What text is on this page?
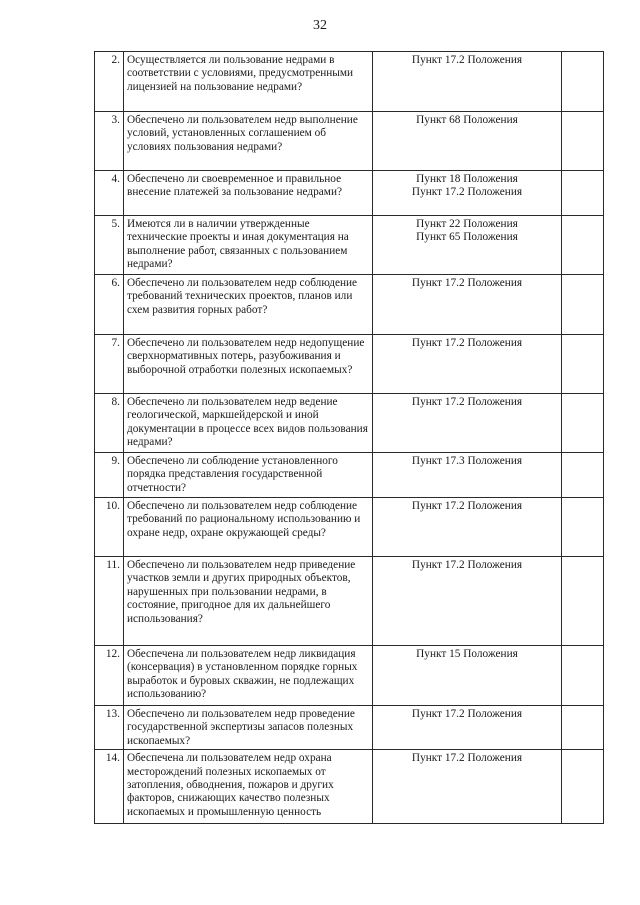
32
2.	Осуществляется ли пользование недрами в соответствии с условиями, предусмотренными лицензией на пользование недрами?	Пункт 17.2 Положения	

3.	Обеспечено ли пользователем недр выполнение условий, установленных соглашением об условиях пользования недрами?	Пункт 68 Положения	

4.	Обеспечено ли своевременное и правильное внесение платежей за пользование недрами?	Пункт 18 Положения
Пункт 17.2 Положения	

5.	Имеются ли в наличии утвержденные технические проекты и иная документация на выполнение работ, связанных с пользованием недрами?	Пункт 22 Положения
Пункт 65 Положения	

6.	Обеспечено ли пользователем недр соблюдение требований технических проектов, планов или схем развития горных работ?	Пункт 17.2 Положения	

7.	Обеспечено ли пользователем недр недопущение сверхнормативных потерь, разубоживания и выборочной отработки полезных ископаемых?	Пункт 17.2 Положения	

8.	Обеспечено ли пользователем недр ведение геологической, маркшейдерской и иной документации в процессе всех видов пользования недрами?	Пункт 17.2 Положения	

9.	Обеспечено ли соблюдение установленного порядка представления государственной отчетности?	Пункт 17.3 Положения	

10.	Обеспечено ли пользователем недр соблюдение требований по рациональному использованию и охране недр, охране окружающей среды?	Пункт 17.2 Положения	

11.	Обеспечено ли пользователем недр приведение участков земли и других природных объектов, нарушенных при пользовании недрами, в состояние, пригодное для их дальнейшего использования?	Пункт 17.2 Положения	

12.	Обеспечена ли пользователем недр ликвидация (консервация) в установленном порядке горных выработок и буровых скважин, не подлежащих использованию?	Пункт 15 Положения	

13.	Обеспечено ли пользователем недр проведение государственной экспертизы запасов полезных ископаемых?	Пункт 17.2 Положения	

14.	Обеспечена ли пользователем недр охрана месторождений полезных ископаемых от затопления, обводнения, пожаров и других факторов, снижающих качество полезных ископаемых и промышленную ценность	Пункт 17.2 Положения	
